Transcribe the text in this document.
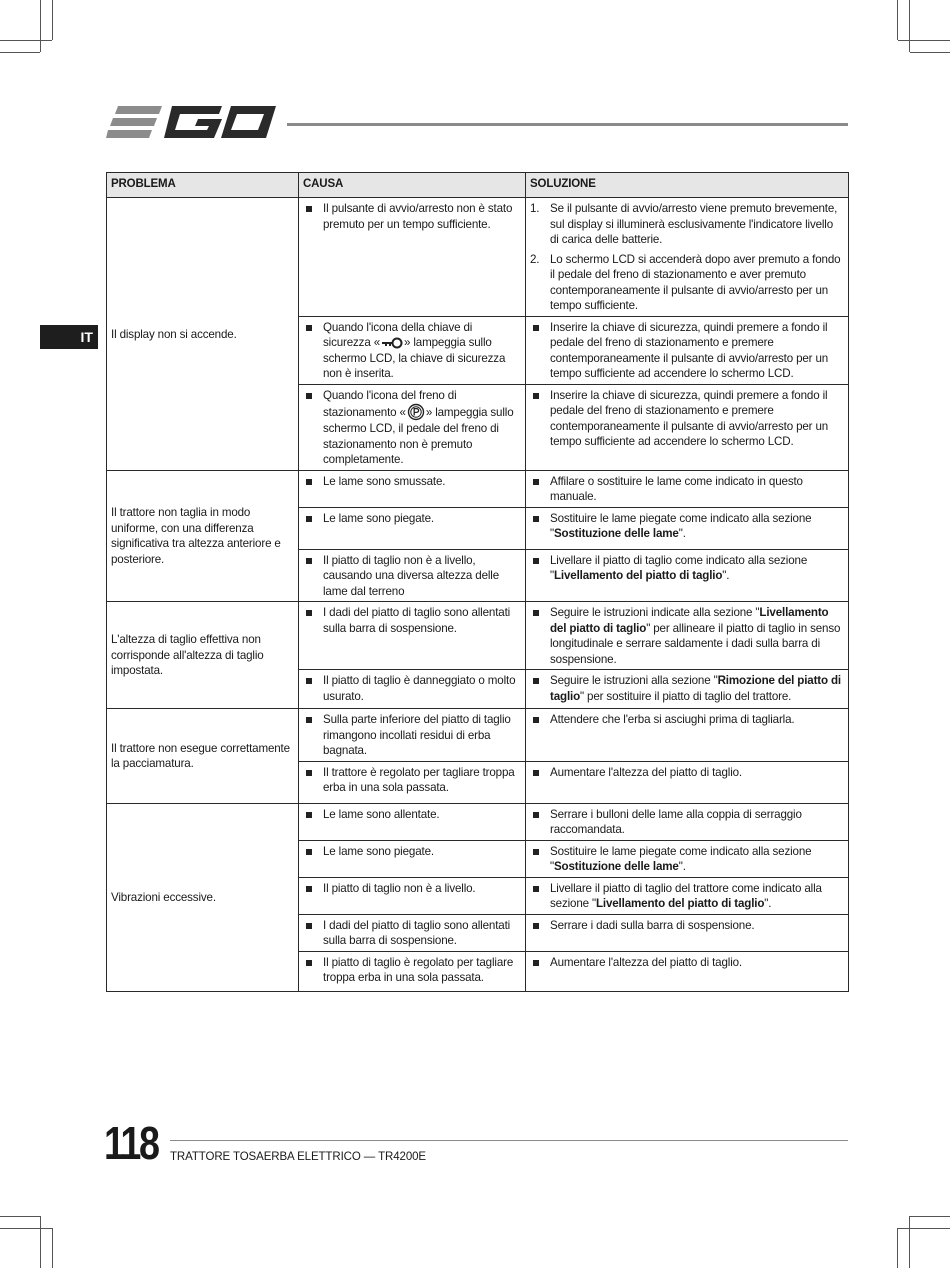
IT
PROBLEMA	CAUSA	SOLUZIONE
Il display non si accende.	Il pulsante di avvio/arresto non è stato premuto per un tempo sufficiente.	1. Se il pulsante di avvio/arresto viene premuto brevemente, sul display si illuminerà esclusivamente l'indicatore livello di carica delle batterie.
2. Lo schermo LCD si accenderà dopo aver premuto a fondo il pedale del freno di stazionamento e aver premuto contemporaneamente il pulsante di avvio/arresto per un tempo sufficiente.

	Quando l'icona della chiave di sicurezza « » lampeggia sullo schermo LCD, la chiave di sicurezza non è inserita.	Inserire la chiave di sicurezza, quindi premere a fondo il pedale del freno di stazionamento e premere contemporaneamente il pulsante di avvio/arresto per un tempo sufficiente ad accendere lo schermo LCD.

	Quando l'icona del freno di stazionamento « » lampeggia sullo schermo LCD, il pedale del freno di stazionamento non è premuto completamente.	Inserire la chiave di sicurezza, quindi premere a fondo il pedale del freno di stazionamento e premere contemporaneamente il pulsante di avvio/arresto per un tempo sufficiente ad accendere lo schermo LCD.

Il trattore non taglia in modo uniforme, con una differenza significativa tra altezza anteriore e posteriore.	Le lame sono smussate.	Affilare o sostituire le lame come indicato in questo manuale.

	Le lame sono piegate.	Sostituire le lame piegate come indicato alla sezione "Sostituzione delle lame".

	Il piatto di taglio non è a livello, causando una diversa altezza delle lame dal terreno	Livellare il piatto di taglio come indicato alla sezione "Livellamento del piatto di taglio".

L'altezza di taglio effettiva non corrisponde all'altezza di taglio impostata.	I dadi del piatto di taglio sono allentati sulla barra di sospensione.	Seguire le istruzioni indicate alla sezione "Livellamento del piatto di taglio" per allineare il piatto di taglio in senso longitudinale e serrare saldamente i dadi sulla barra di sospensione.

	Il piatto di taglio è danneggiato o molto usurato.	Seguire le istruzioni alla sezione "Rimozione del piatto di taglio" per sostituire il piatto di taglio del trattore.

Il trattore non esegue correttamente la pacciamatura.	Sulla parte inferiore del piatto di taglio rimangono incollati residui di erba bagnata.	Attendere che l'erba si asciughi prima di tagliarla.

	Il trattore è regolato per tagliare troppa erba in una sola passata.	Aumentare l'altezza del piatto di taglio.

Vibrazioni eccessive.	Le lame sono allentate.	Serrare i bulloni delle lame alla coppia di serraggio raccomandata.

	Le lame sono piegate.	Sostituire le lame piegate come indicato alla sezione "Sostituzione delle lame".

	Il piatto di taglio non è a livello.	Livellare il piatto di taglio del trattore come indicato alla sezione "Livellamento del piatto di taglio".

	I dadi del piatto di taglio sono allentati sulla barra di sospensione.	Serrare i dadi sulla barra di sospensione.

	Il piatto di taglio è regolato per tagliare troppa erba in una sola passata.	Aumentare l'altezza del piatto di taglio.
118 TRATTORE TOSAERBA ELETTRICO — TR4200E
